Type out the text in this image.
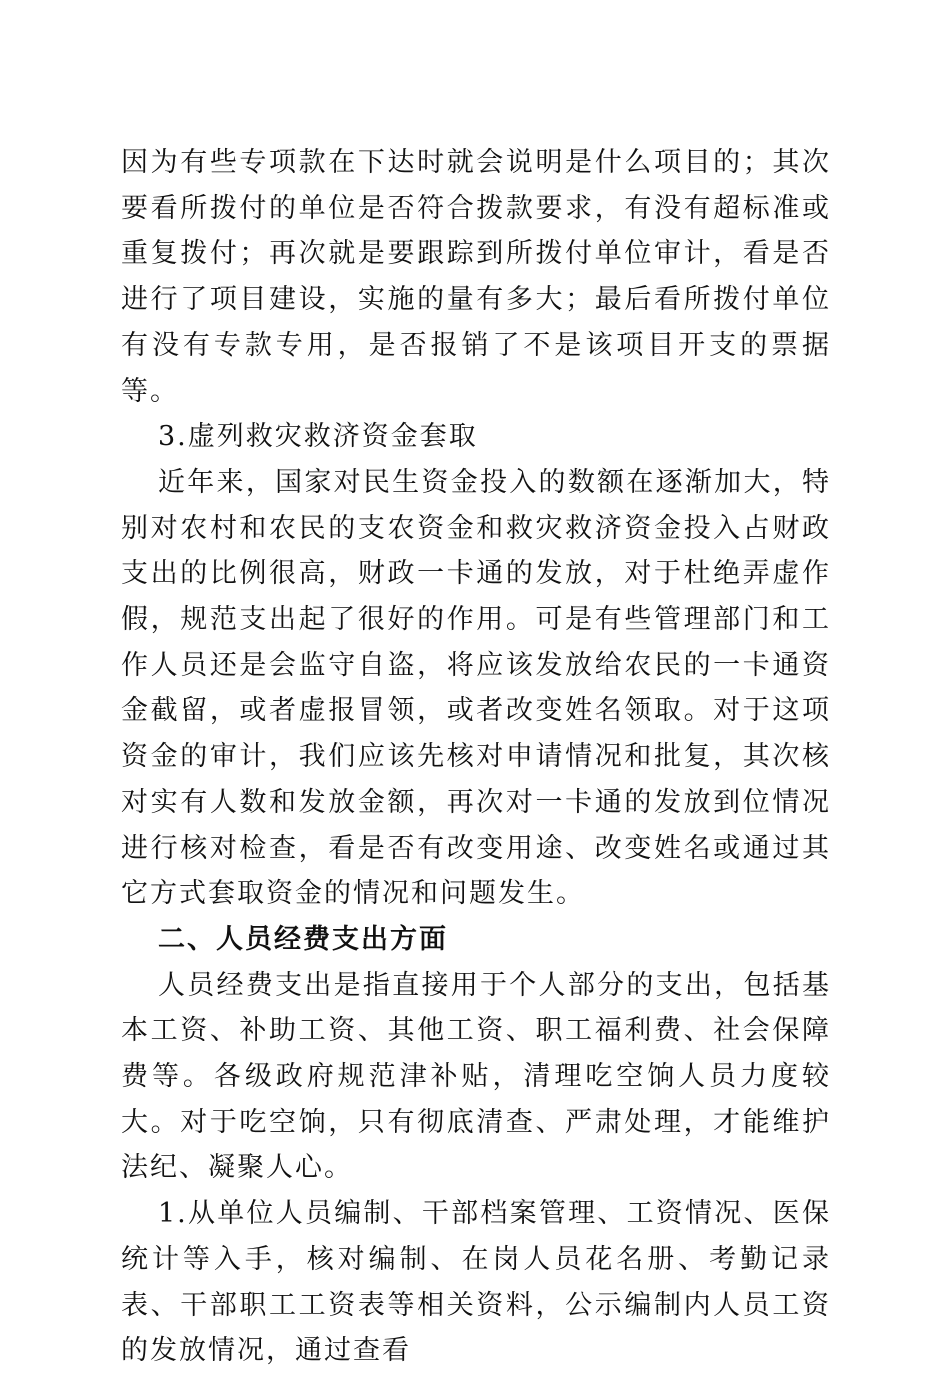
因为有些专项款在下达时就会说明是什么项目的；其次要看所拨付的单位是否符合拨款要求，有没有超标准或重复拨付；再次就是要跟踪到所拨付单位审计，看是否进行了项目建设，实施的量有多大；最后看所拨付单位有没有专款专用，是否报销了不是该项目开支的票据等。

3.虚列救灾救济资金套取

近年来，国家对民生资金投入的数额在逐渐加大，特别对农村和农民的支农资金和救灾救济资金投入占财政支出的比例很高，财政一卡通的发放，对于杜绝弄虚作假，规范支出起了很好的作用。可是有些管理部门和工作人员还是会监守自盗，将应该发放给农民的一卡通资金截留，或者虚报冒领，或者改变姓名领取。对于这项资金的审计，我们应该先核对申请情况和批复，其次核对实有人数和发放金额，再次对一卡通的发放到位情况进行核对检查，看是否有改变用途、改变姓名或通过其它方式套取资金的情况和问题发生。

二、人员经费支出方面

人员经费支出是指直接用于个人部分的支出，包括基本工资、补助工资、其他工资、职工福利费、社会保障费等。各级政府规范津补贴，清理吃空饷人员力度较大。对于吃空饷，只有彻底清查、严肃处理，才能维护法纪、凝聚人心。

1.从单位人员编制、干部档案管理、工资情况、医保统计等入手，核对编制、在岗人员花名册、考勤记录表、干部职工工资表等相关资料，公示编制内人员工资的发放情况，通过查看
